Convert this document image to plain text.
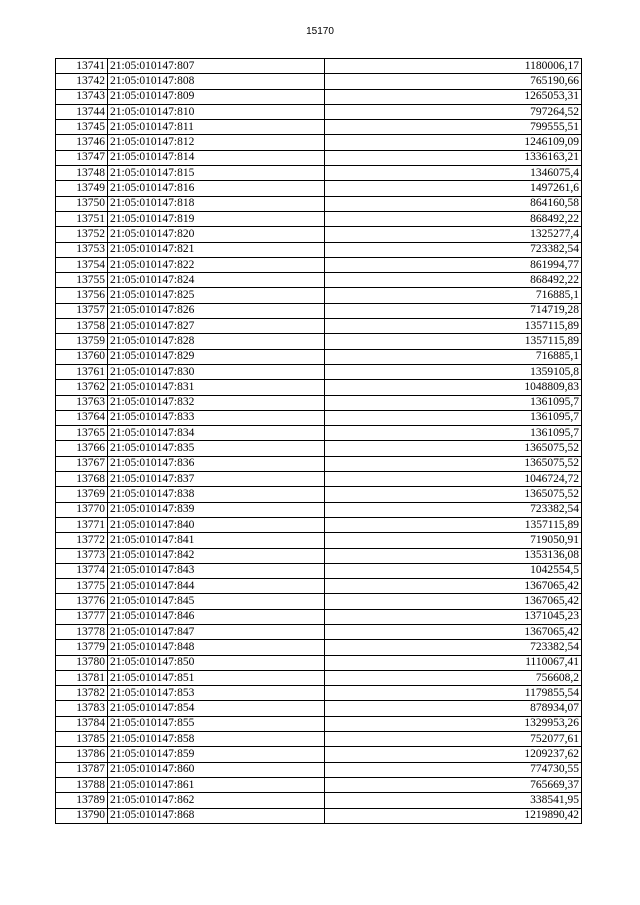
15170
13741	21:05:010147:807	1180006,17
13742	21:05:010147:808	765190,66
13743	21:05:010147:809	1265053,31
13744	21:05:010147:810	797264,52
13745	21:05:010147:811	799555,51
13746	21:05:010147:812	1246109,09
13747	21:05:010147:814	1336163,21
13748	21:05:010147:815	1346075,4
13749	21:05:010147:816	1497261,6
13750	21:05:010147:818	864160,58
13751	21:05:010147:819	868492,22
13752	21:05:010147:820	1325277,4
13753	21:05:010147:821	723382,54
13754	21:05:010147:822	861994,77
13755	21:05:010147:824	868492,22
13756	21:05:010147:825	716885,1
13757	21:05:010147:826	714719,28
13758	21:05:010147:827	1357115,89
13759	21:05:010147:828	1357115,89
13760	21:05:010147:829	716885,1
13761	21:05:010147:830	1359105,8
13762	21:05:010147:831	1048809,83
13763	21:05:010147:832	1361095,7
13764	21:05:010147:833	1361095,7
13765	21:05:010147:834	1361095,7
13766	21:05:010147:835	1365075,52
13767	21:05:010147:836	1365075,52
13768	21:05:010147:837	1046724,72
13769	21:05:010147:838	1365075,52
13770	21:05:010147:839	723382,54
13771	21:05:010147:840	1357115,89
13772	21:05:010147:841	719050,91
13773	21:05:010147:842	1353136,08
13774	21:05:010147:843	1042554,5
13775	21:05:010147:844	1367065,42
13776	21:05:010147:845	1367065,42
13777	21:05:010147:846	1371045,23
13778	21:05:010147:847	1367065,42
13779	21:05:010147:848	723382,54
13780	21:05:010147:850	1110067,41
13781	21:05:010147:851	756608,2
13782	21:05:010147:853	1179855,54
13783	21:05:010147:854	878934,07
13784	21:05:010147:855	1329953,26
13785	21:05:010147:858	752077,61
13786	21:05:010147:859	1209237,62
13787	21:05:010147:860	774730,55
13788	21:05:010147:861	765669,37
13789	21:05:010147:862	338541,95
13790	21:05:010147:868	1219890,42
